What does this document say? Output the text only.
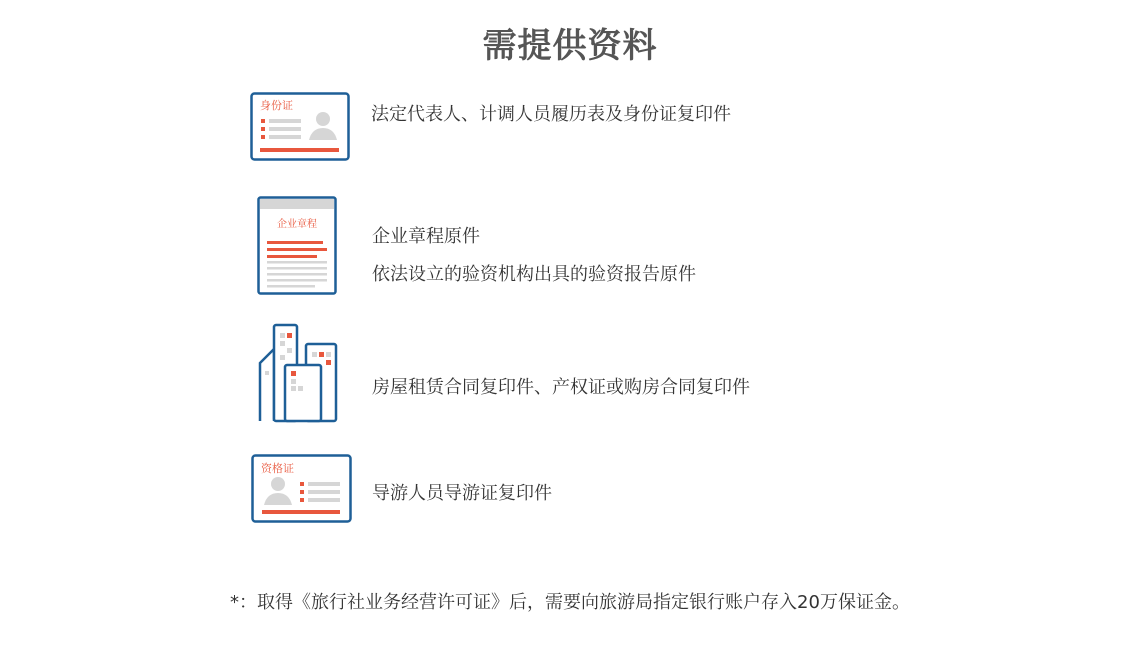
需提供资料
身份证	法定代表人、计调人员履历表及身份证复印件
企业章程
企业章程原件
依法设立的验资机构出具的验资报告原件
房屋租赁合同复印件、产权证或购房合同复印件
资格证
导游人员导游证复印件
*：取得《旅行社业务经营许可证》后，需要向旅游局指定银行账户存入20万保证金。
